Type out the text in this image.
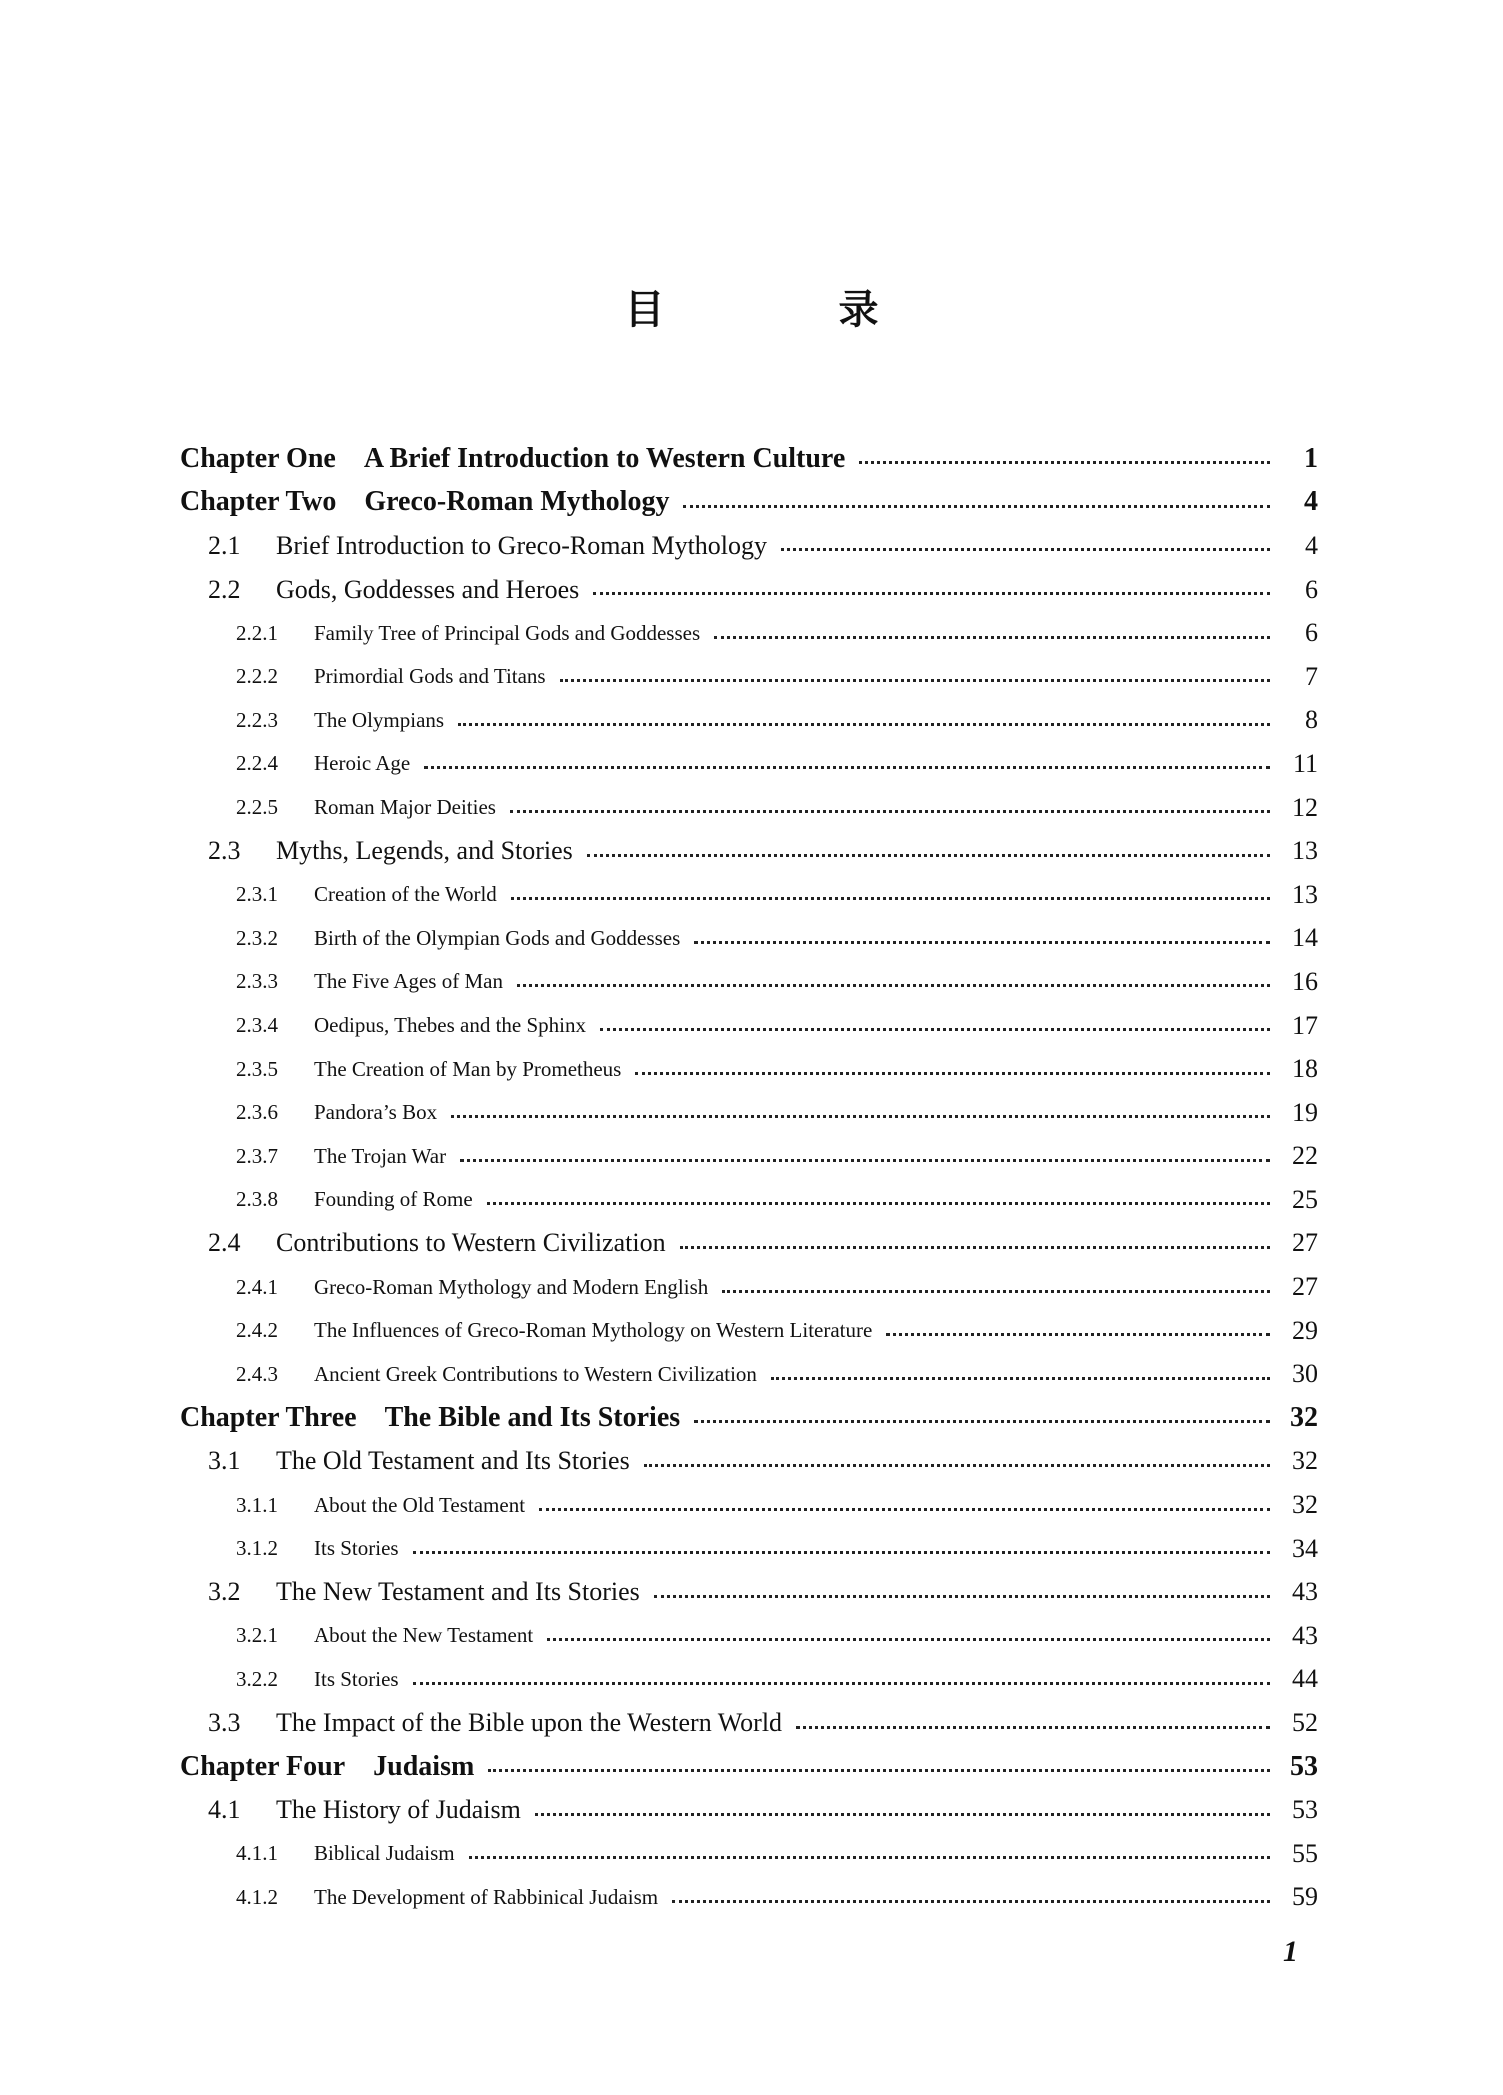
目 录
Chapter One A Brief Introduction to Western Culture	1
Chapter Two Greco-Roman Mythology	4
2.1	Brief Introduction to Greco-Roman Mythology	4
2.2	Gods, Goddesses and Heroes	6
2.2.1	Family Tree of Principal Gods and Goddesses	6
2.2.2	Primordial Gods and Titans	7
2.2.3	The Olympians	8
2.2.4	Heroic Age	11
2.2.5	Roman Major Deities	12
2.3	Myths, Legends, and Stories	13
2.3.1	Creation of the World	13
2.3.2	Birth of the Olympian Gods and Goddesses	14
2.3.3	The Five Ages of Man	16
2.3.4	Oedipus, Thebes and the Sphinx	17
2.3.5	The Creation of Man by Prometheus	18
2.3.6	Pandora’s Box	19
2.3.7	The Trojan War	22
2.3.8	Founding of Rome	25
2.4	Contributions to Western Civilization	27
2.4.1	Greco-Roman Mythology and Modern English	27
2.4.2	The Influences of Greco-Roman Mythology on Western Literature	29
2.4.3	Ancient Greek Contributions to Western Civilization	30
Chapter Three The Bible and Its Stories	32
3.1	The Old Testament and Its Stories	32
3.1.1	About the Old Testament	32
3.1.2	Its Stories	34
3.2	The New Testament and Its Stories	43
3.2.1	About the New Testament	43
3.2.2	Its Stories	44
3.3	The Impact of the Bible upon the Western World	52
Chapter Four Judaism	53
4.1	The History of Judaism	53
4.1.1	Biblical Judaism	55
4.1.2	The Development of Rabbinical Judaism	59
1
